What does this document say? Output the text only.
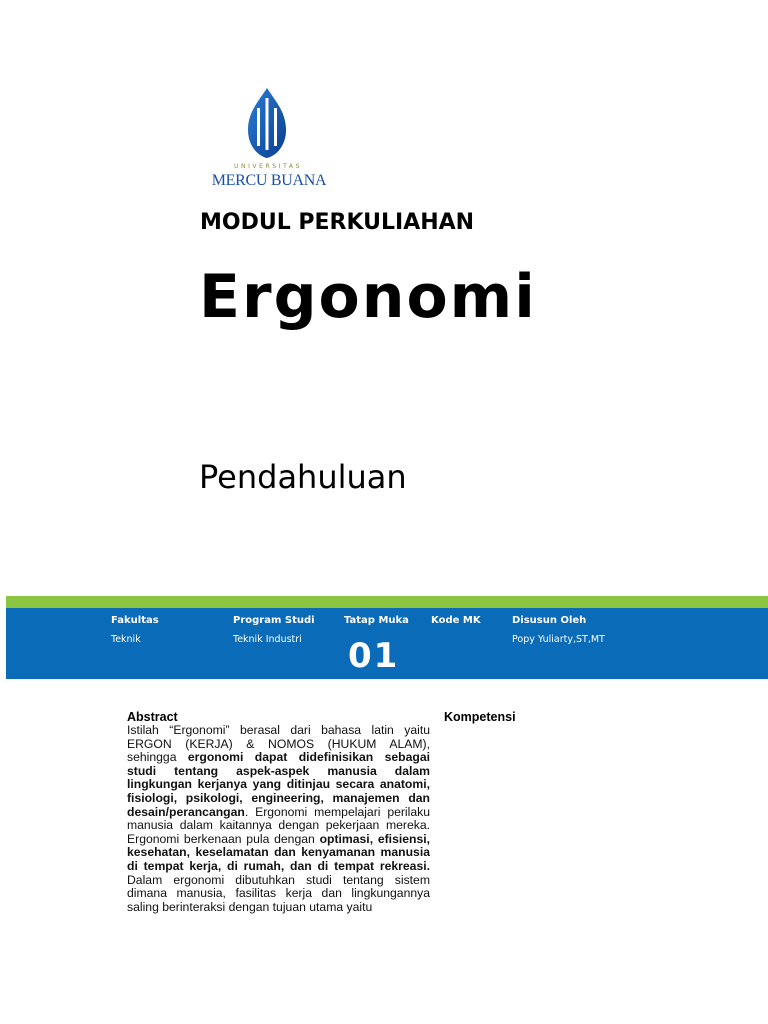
UNIVERSITAS
MERCU BUANA
MODUL PERKULIAHAN
Ergonomi
Pendahuluan
Fakultas
Teknik
Program Studi
Teknik Industri
Tatap Muka
01
Kode MK	Disusun Oleh
Popy Yuliarty,ST,MT

Abstract

Istilah “Ergonomi” berasal dari bahasa latin yaitu ERGON (KERJA) & NOMOS (HUKUM ALAM), sehingga ergonomi dapat didefinisikan sebagai studi tentang aspek-aspek manusia dalam lingkungan kerjanya yang ditinjau secara anatomi, fisiologi, psikologi, engineering, manajemen dan desain/perancangan. Ergonomi mempelajari perilaku manusia dalam kaitannya dengan pekerjaan mereka. Ergonomi berkenaan pula dengan optimasi, efisiensi, kesehatan, keselamatan dan kenyamanan manusia di tempat kerja, di rumah, dan di tempat rekreasi. Dalam ergonomi dibutuhkan studi tentang sistem dimana manusia, fasilitas kerja dan lingkungannya saling berinteraksi dengan tujuan utama yaitu

Kompetensi
